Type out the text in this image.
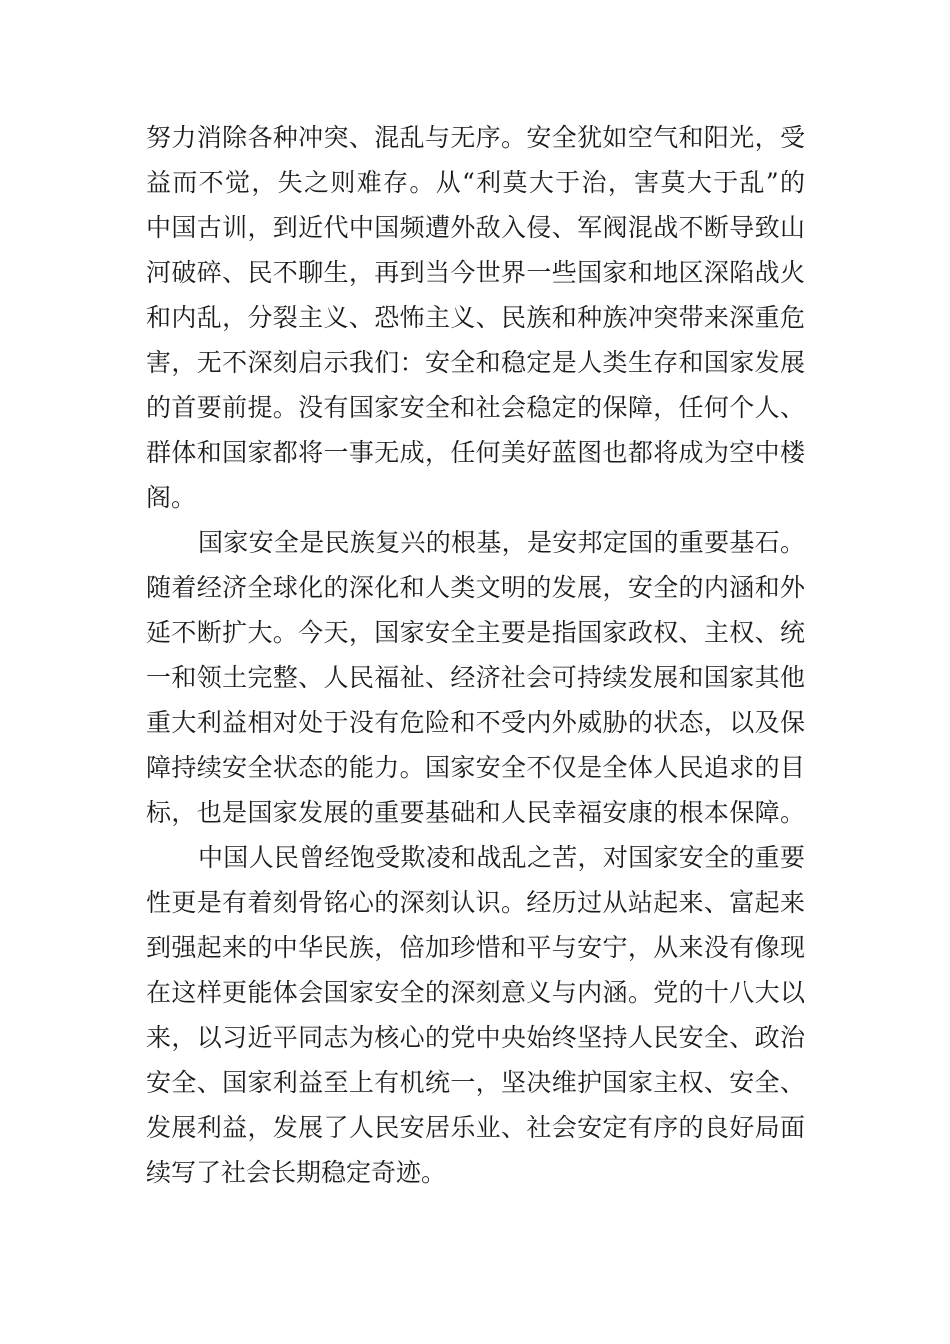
努力消除各种冲突、混乱与无序。安全犹如空气和阳光，受

益而不觉，失之则难存。从“利莫大于治，害莫大于乱”的

中国古训，到近代中国频遭外敌入侵、军阀混战不断导致山

河破碎、民不聊生，再到当今世界一些国家和地区深陷战火

和内乱，分裂主义、恐怖主义、民族和种族冲突带来深重危

害，无不深刻启示我们：安全和稳定是人类生存和国家发展

的首要前提。没有国家安全和社会稳定的保障，任何个人、

群体和国家都将一事无成，任何美好蓝图也都将成为空中楼

阁。

国家安全是民族复兴的根基，是安邦定国的重要基石。

随着经济全球化的深化和人类文明的发展，安全的内涵和外

延不断扩大。今天，国家安全主要是指国家政权、主权、统

一和领土完整、人民福祉、经济社会可持续发展和国家其他

重大利益相对处于没有危险和不受内外威胁的状态，以及保

障持续安全状态的能力。国家安全不仅是全体人民追求的目

标，也是国家发展的重要基础和人民幸福安康的根本保障。

中国人民曾经饱受欺凌和战乱之苦，对国家安全的重要

性更是有着刻骨铭心的深刻认识。经历过从站起来、富起来

到强起来的中华民族，倍加珍惜和平与安宁，从来没有像现

在这样更能体会国家安全的深刻意义与内涵。党的十八大以

来，以习近平同志为核心的党中央始终坚持人民安全、政治

安全、国家利益至上有机统一，坚决维护国家主权、安全、

发展利益，发展了人民安居乐业、社会安定有序的良好局面

续写了社会长期稳定奇迹。
